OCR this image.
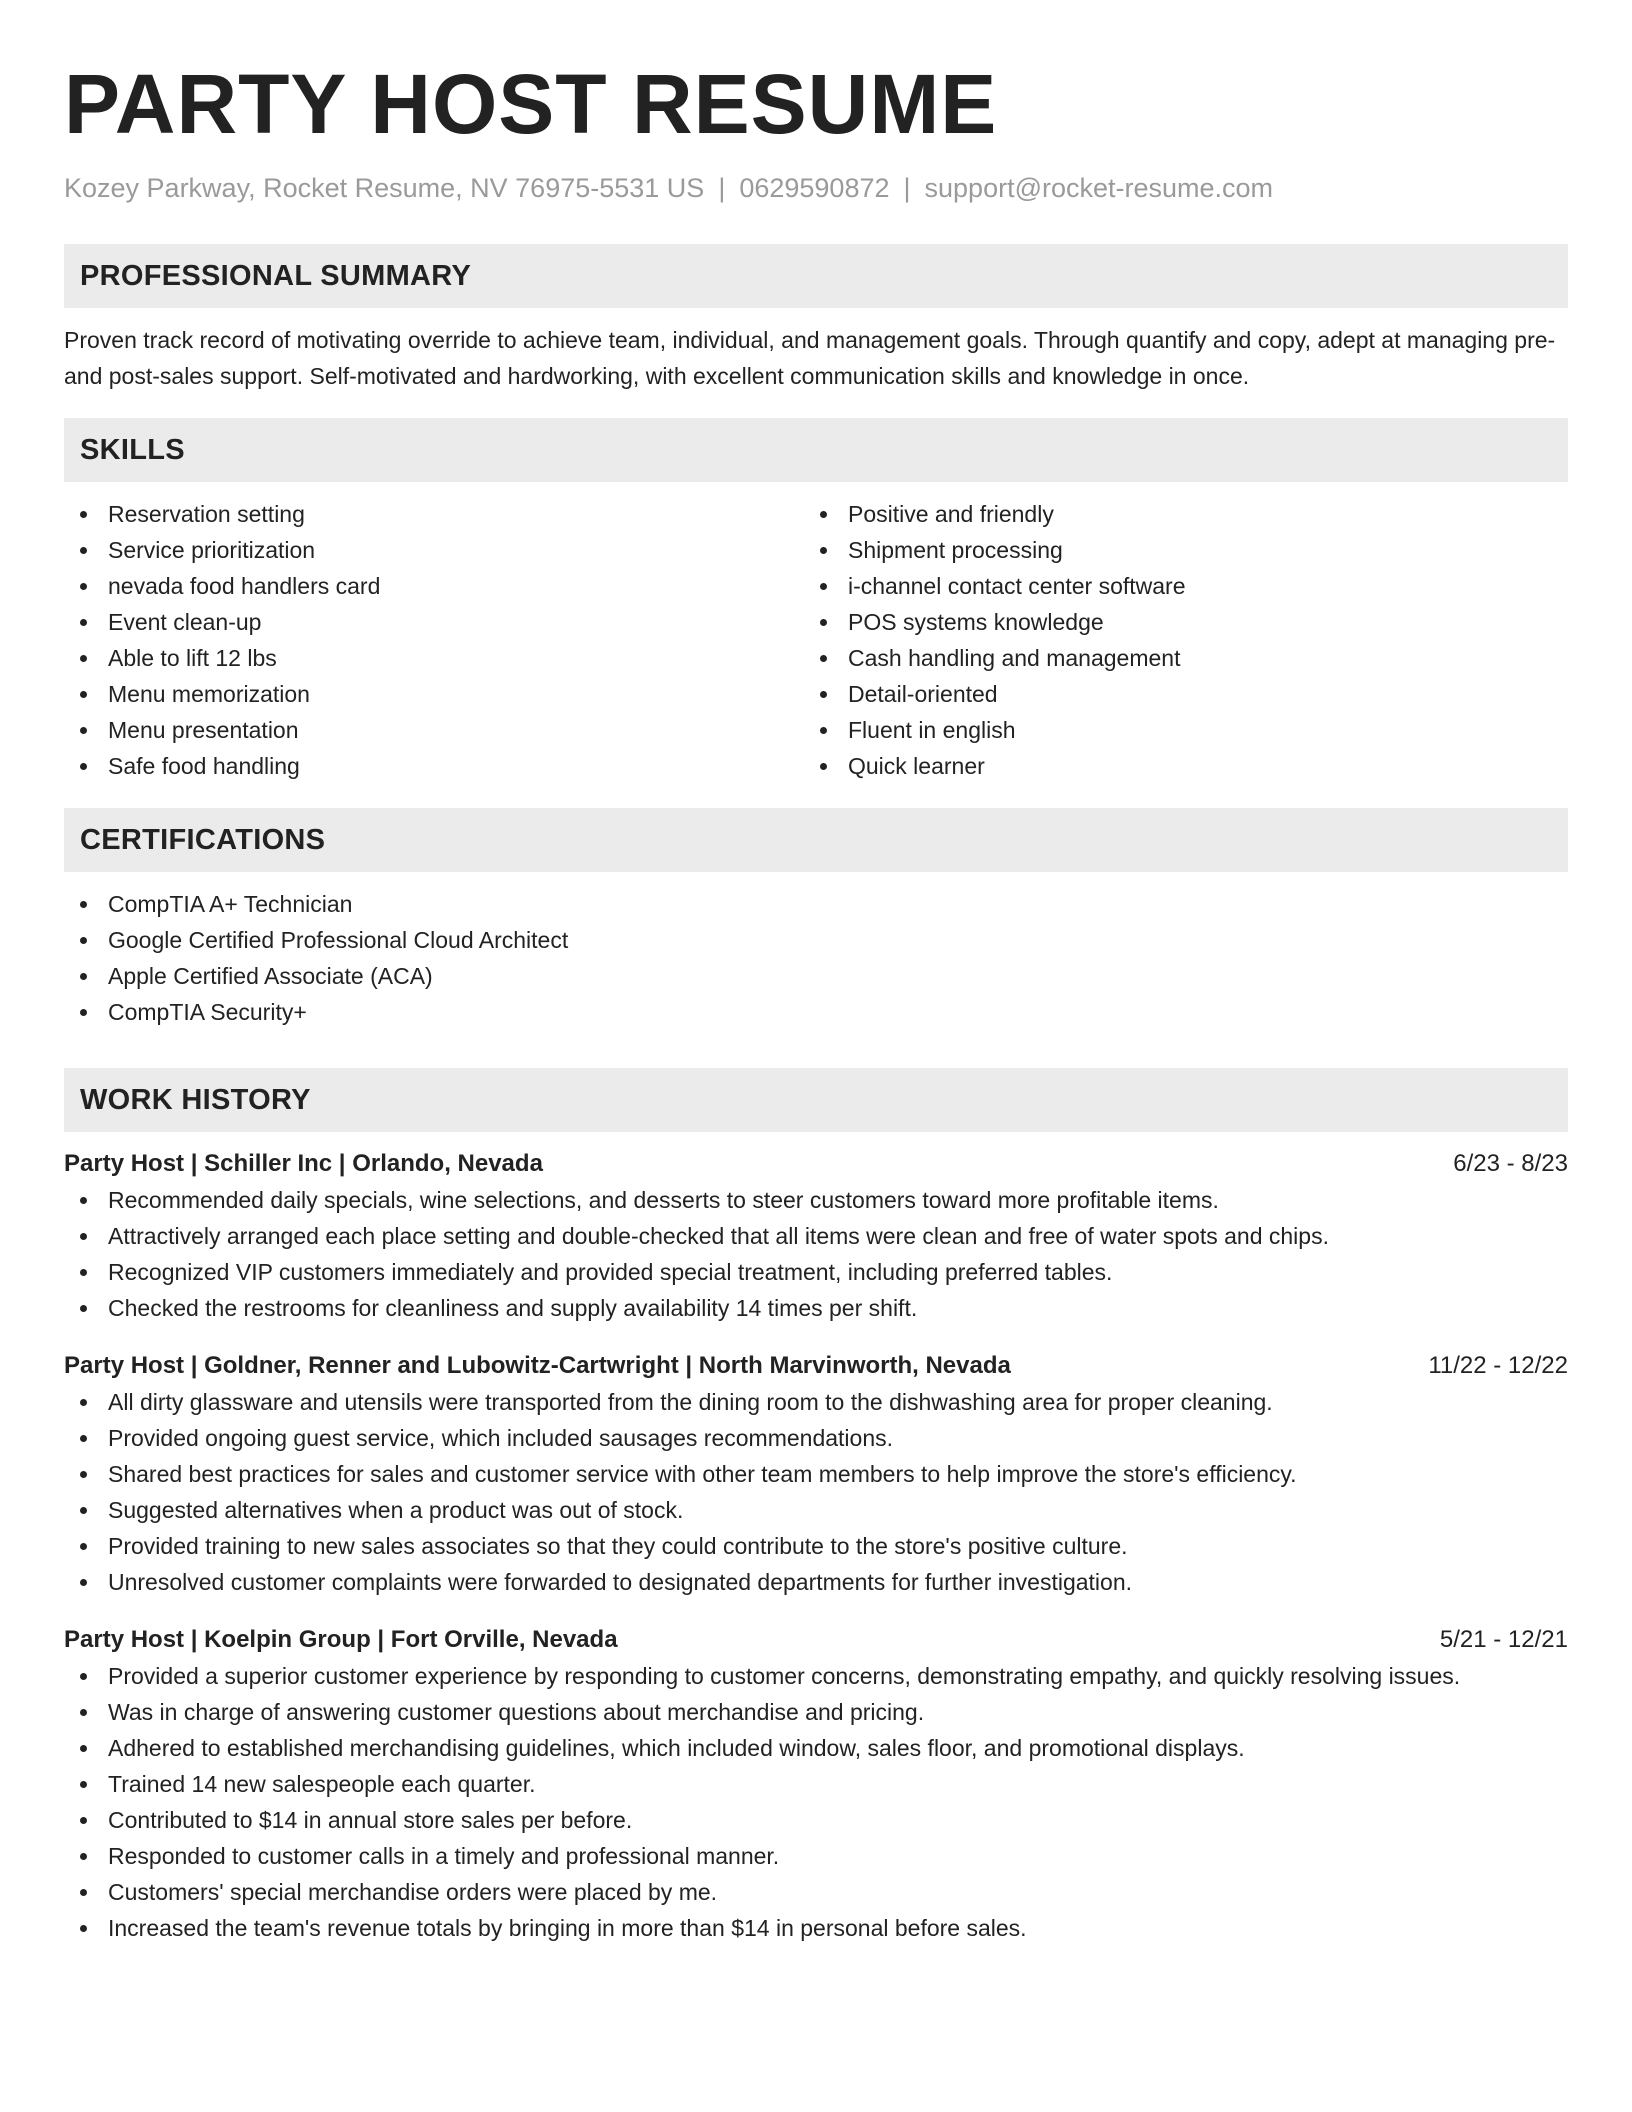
PARTY HOST RESUME
Kozey Parkway, Rocket Resume, NV 76975-5531 US | 0629590872 | support@rocket-resume.com
PROFESSIONAL SUMMARY

Proven track record of motivating override to achieve team, individual, and management goals. Through quantify and copy, adept at managing pre- and post-sales support. Self-motivated and hardworking, with excellent communication skills and knowledge in once.

SKILLS
Reservation setting
Service prioritization
nevada food handlers card
Event clean-up
Able to lift 12 lbs
Menu memorization
Menu presentation
Safe food handling
Positive and friendly
Shipment processing
i-channel contact center software
POS systems knowledge
Cash handling and management
Detail-oriented
Fluent in english
Quick learner
CERTIFICATIONS
CompTIA A+ Technician
Google Certified Professional Cloud Architect
Apple Certified Associate (ACA)
CompTIA Security+
WORK HISTORY
Party Host | Schiller Inc | Orlando, Nevada	6/23 - 8/23
Recommended daily specials, wine selections, and desserts to steer customers toward more profitable items.
Attractively arranged each place setting and double-checked that all items were clean and free of water spots and chips.
Recognized VIP customers immediately and provided special treatment, including preferred tables.
Checked the restrooms for cleanliness and supply availability 14 times per shift.
Party Host | Goldner, Renner and Lubowitz-Cartwright | North Marvinworth, Nevada	11/22 - 12/22
All dirty glassware and utensils were transported from the dining room to the dishwashing area for proper cleaning.
Provided ongoing guest service, which included sausages recommendations.
Shared best practices for sales and customer service with other team members to help improve the store's efficiency.
Suggested alternatives when a product was out of stock.
Provided training to new sales associates so that they could contribute to the store's positive culture.
Unresolved customer complaints were forwarded to designated departments for further investigation.
Party Host | Koelpin Group | Fort Orville, Nevada	5/21 - 12/21
Provided a superior customer experience by responding to customer concerns, demonstrating empathy, and quickly resolving issues.
Was in charge of answering customer questions about merchandise and pricing.
Adhered to established merchandising guidelines, which included window, sales floor, and promotional displays.
Trained 14 new salespeople each quarter.
Contributed to $14 in annual store sales per before.
Responded to customer calls in a timely and professional manner.
Customers' special merchandise orders were placed by me.
Increased the team's revenue totals by bringing in more than $14 in personal before sales.
